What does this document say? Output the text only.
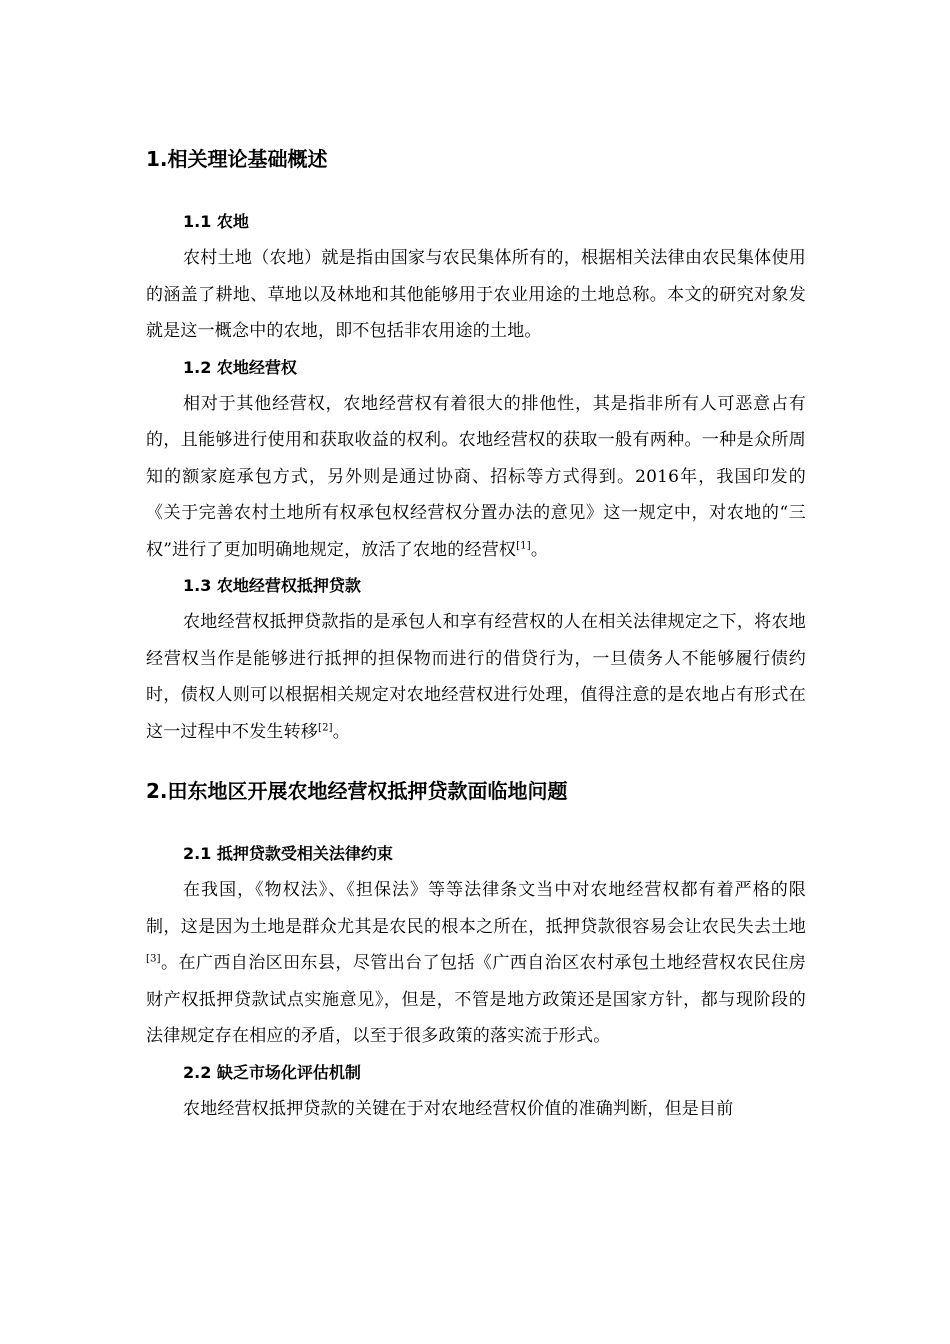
1.相关理论基础概述
1.1 农地

农村土地（农地）就是指由国家与农民集体所有的，根据相关法律由农民集体使用的涵盖了耕地、草地以及林地和其他能够用于农业用途的土地总称。本文的研究对象发就是这一概念中的农地，即不包括非农用途的土地。

1.2 农地经营权

相对于其他经营权，农地经营权有着很大的排他性，其是指非所有人可恶意占有的，且能够进行使用和获取收益的权利。农地经营权的获取一般有两种。一种是众所周知的额家庭承包方式，另外则是通过协商、招标等方式得到。2016年，我国印发的《关于完善农村土地所有权承包权经营权分置办法的意见》这一规定中，对农地的“三权”进行了更加明确地规定，放活了农地的经营权[1]。

1.3 农地经营权抵押贷款

农地经营权抵押贷款指的是承包人和享有经营权的人在相关法律规定之下，将农地经营权当作是能够进行抵押的担保物而进行的借贷行为，一旦债务人不能够履行债约时，债权人则可以根据相关规定对农地经营权进行处理，值得注意的是农地占有形式在这一过程中不发生转移[2]。

2.田东地区开展农地经营权抵押贷款面临地问题
2.1 抵押贷款受相关法律约束

在我国，《物权法》、《担保法》等等法律条文当中对农地经营权都有着严格的限制，这是因为土地是群众尤其是农民的根本之所在，抵押贷款很容易会让农民失去土地[3]。在广西自治区田东县，尽管出台了包括《广西自治区农村承包土地经营权农民住房财产权抵押贷款试点实施意见》，但是，不管是地方政策还是国家方针，都与现阶段的法律规定存在相应的矛盾，以至于很多政策的落实流于形式。

2.2 缺乏市场化评估机制

农地经营权抵押贷款的关键在于对农地经营权价值的准确判断，但是目前
